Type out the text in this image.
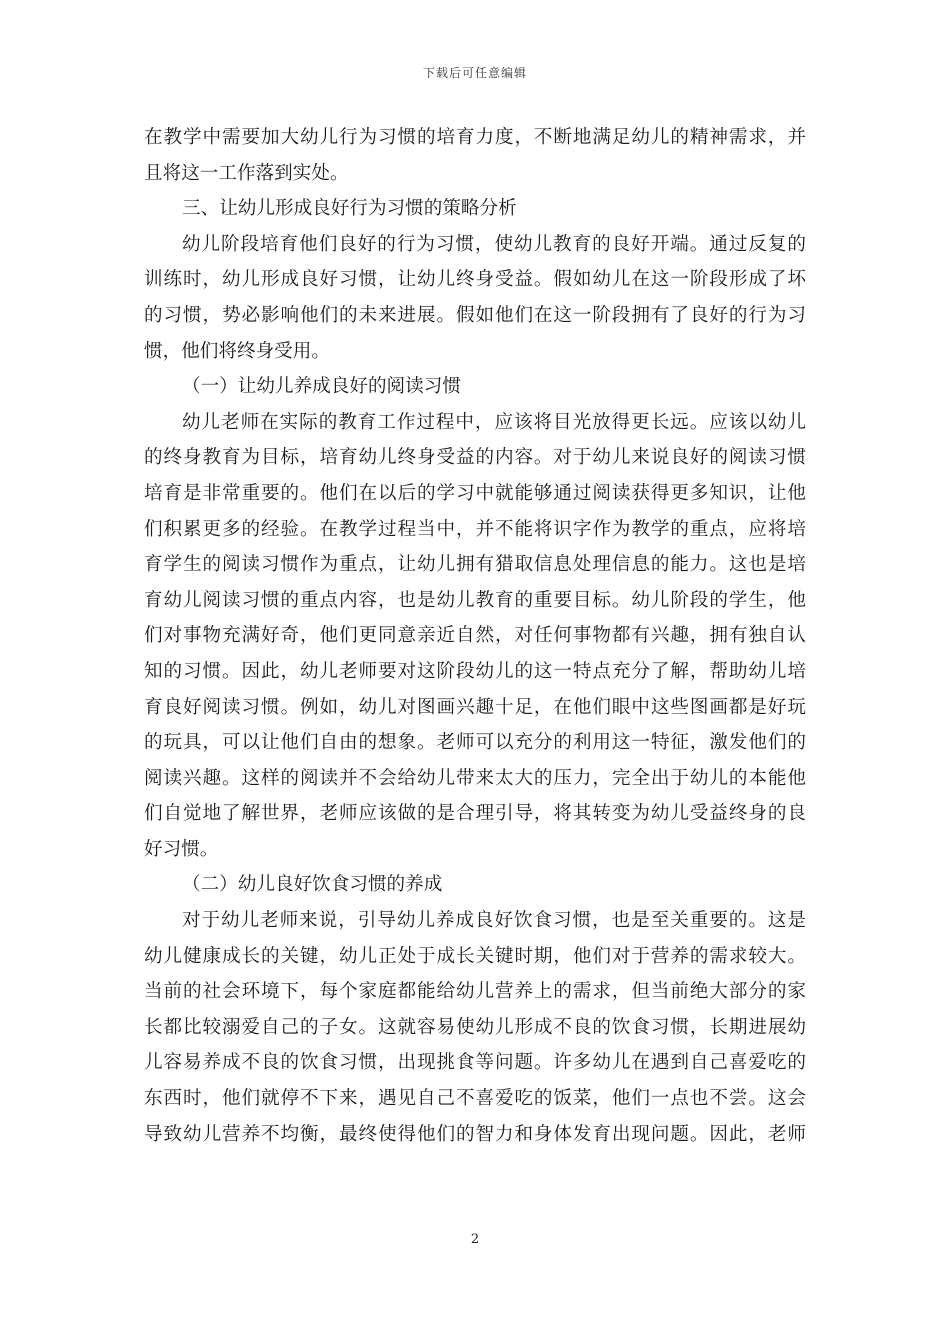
下载后可任意编辑
在教学中需要加大幼儿行为习惯的培育力度，不断地满足幼儿的精神需求，并
且将这一工作落到实处。
三、让幼儿形成良好行为习惯的策略分析
幼儿阶段培育他们良好的行为习惯，使幼儿教育的良好开端。通过反复的
训练时，幼儿形成良好习惯，让幼儿终身受益。假如幼儿在这一阶段形成了坏
的习惯，势必影响他们的未来进展。假如他们在这一阶段拥有了良好的行为习
惯，他们将终身受用。
（一）让幼儿养成良好的阅读习惯
幼儿老师在实际的教育工作过程中，应该将目光放得更长远。应该以幼儿
的终身教育为目标，培育幼儿终身受益的内容。对于幼儿来说良好的阅读习惯
培育是非常重要的。他们在以后的学习中就能够通过阅读获得更多知识，让他
们积累更多的经验。在教学过程当中，并不能将识字作为教学的重点，应将培
育学生的阅读习惯作为重点，让幼儿拥有猎取信息处理信息的能力。这也是培
育幼儿阅读习惯的重点内容，也是幼儿教育的重要目标。幼儿阶段的学生，他
们对事物充满好奇，他们更同意亲近自然，对任何事物都有兴趣，拥有独自认
知的习惯。因此，幼儿老师要对这阶段幼儿的这一特点充分了解，帮助幼儿培
育良好阅读习惯。例如，幼儿对图画兴趣十足，在他们眼中这些图画都是好玩
的玩具，可以让他们自由的想象。老师可以充分的利用这一特征，激发他们的
阅读兴趣。这样的阅读并不会给幼儿带来太大的压力，完全出于幼儿的本能他
们自觉地了解世界，老师应该做的是合理引导，将其转变为幼儿受益终身的良
好习惯。
（二）幼儿良好饮食习惯的养成
对于幼儿老师来说，引导幼儿养成良好饮食习惯，也是至关重要的。这是
幼儿健康成长的关键，幼儿正处于成长关键时期，他们对于营养的需求较大。
当前的社会环境下，每个家庭都能给幼儿营养上的需求，但当前绝大部分的家
长都比较溺爱自己的子女。这就容易使幼儿形成不良的饮食习惯，长期进展幼
儿容易养成不良的饮食习惯，出现挑食等问题。许多幼儿在遇到自己喜爱吃的
东西时，他们就停不下来，遇见自己不喜爱吃的饭菜，他们一点也不尝。这会
导致幼儿营养不均衡，最终使得他们的智力和身体发育出现问题。因此，老师
2
